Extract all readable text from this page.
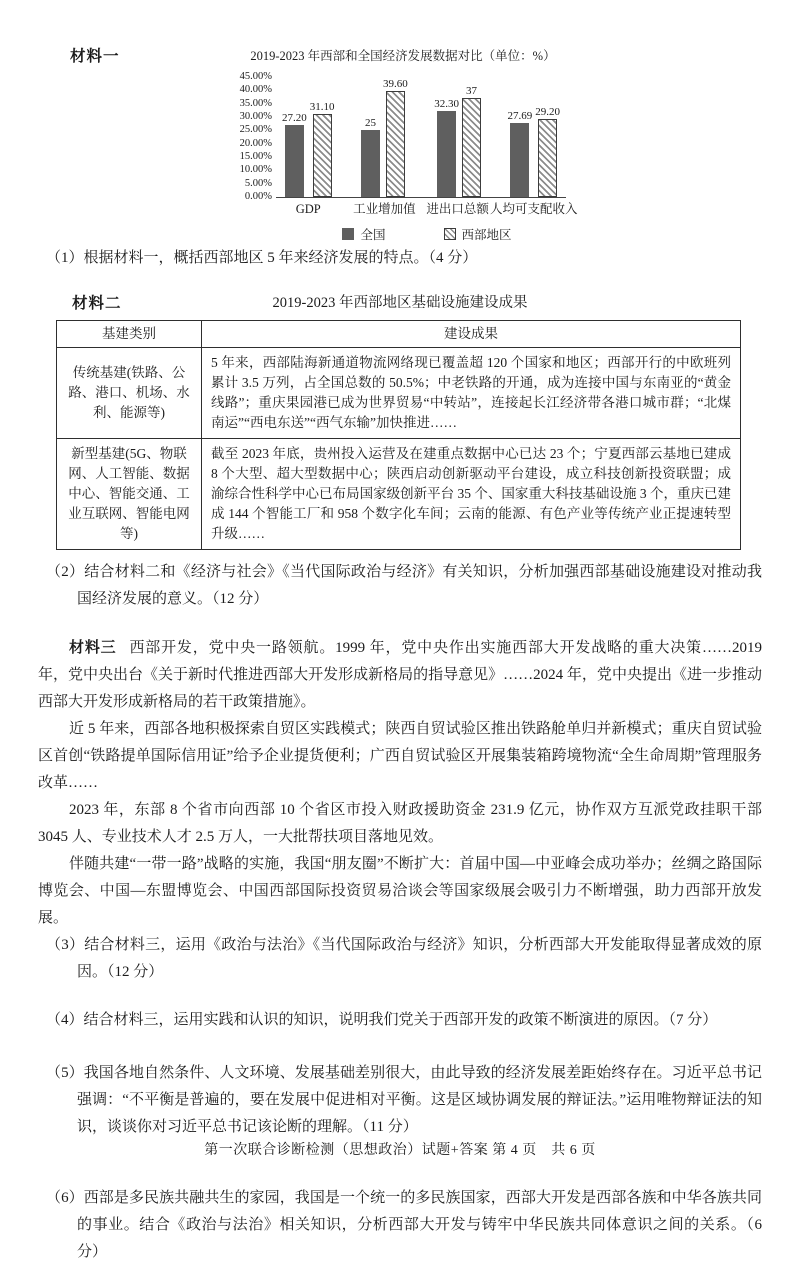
材料一	2019-2023 年西部和全国经济发展数据对比（单位：%）
45.00%
40.00%
35.00%
30.00%
25.00%
20.00%
15.00%
10.00%
5.00%
0.00%
27.20
31.10
GDP
25
39.60
工业增加值
32.30
37
进出口总额
27.69 29.20
人均可支配收入
全国	西部地区

（1）根据材料一，概括西部地区 5 年来经济发展的特点。（4 分）

材料二	2019-2023 年西部地区基础设施建设成果
基建类别	建设成果
传统基建(铁路、公路、港口、机场、水利、能源等)	5 年来，西部陆海新通道物流网络现已覆盖超 120 个国家和地区；西部开行的中欧班列累计 3.5 万列，占全国总数的 50.5%；中老铁路的开通，成为连接中国与东南亚的“黄金线路”；重庆果园港已成为世界贸易“中转站”，连接起长江经济带各港口城市群；“北煤南运”“西电东送”“西气东输”加快推进……
新型基建(5G、物联网、人工智能、数据中心、智能交通、工业互联网、智能电网等)	截至 2023 年底，贵州投入运营及在建重点数据中心已达 23 个；宁夏西部云基地已建成 8 个大型、超大型数据中心；陕西启动创新驱动平台建设，成立科技创新投资联盟；成渝综合性科学中心已布局国家级创新平台 35 个、国家重大科技基础设施 3 个，重庆已建成 144 个智能工厂和 958 个数字化车间；云南的能源、有色产业等传统产业正提速转型升级……

（2）结合材料二和《经济与社会》《当代国际政治与经济》有关知识，分析加强西部基础设施建设对推动我国经济发展的意义。（12 分）

材料三 西部开发，党中央一路领航。1999 年，党中央作出实施西部大开发战略的重大决策……2019 年，党中央出台《关于新时代推进西部大开发形成新格局的指导意见》……2024 年，党中央提出《进一步推动西部大开发形成新格局的若干政策措施》。

近 5 年来，西部各地积极探索自贸区实践模式；陕西自贸试验区推出铁路舱单归并新模式；重庆自贸试验区首创“铁路提单国际信用证”给予企业提货便利；广西自贸试验区开展集装箱跨境物流“全生命周期”管理服务改革……

2023 年，东部 8 个省市向西部 10 个省区市投入财政援助资金 231.9 亿元，协作双方互派党政挂职干部 3045 人、专业技术人才 2.5 万人，一大批帮扶项目落地见效。

伴随共建“一带一路”战略的实施，我国“朋友圈”不断扩大：首届中国—中亚峰会成功举办；丝绸之路国际博览会、中国—东盟博览会、中国西部国际投资贸易洽谈会等国家级展会吸引力不断增强，助力西部开放发展。

（3）结合材料三，运用《政治与法治》《当代国际政治与经济》知识，分析西部大开发能取得显著成效的原因。（12 分）

（4）结合材料三，运用实践和认识的知识，说明我们党关于西部开发的政策不断演进的原因。（7 分）

（5）我国各地自然条件、人文环境、发展基础差别很大，由此导致的经济发展差距始终存在。习近平总书记强调：“不平衡是普遍的，要在发展中促进相对平衡。这是区域协调发展的辩证法。”运用唯物辩证法的知识，谈谈你对习近平总书记该论断的理解。（11 分）

（6）西部是多民族共融共生的家园，我国是一个统一的多民族国家，西部大开发是西部各族和中华各族共同的事业。结合《政治与法治》相关知识，分析西部大开发与铸牢中华民族共同体意识之间的关系。（6 分）

第一次联合诊断检测（思想政治）试题+答案 第 4 页　共 6 页
